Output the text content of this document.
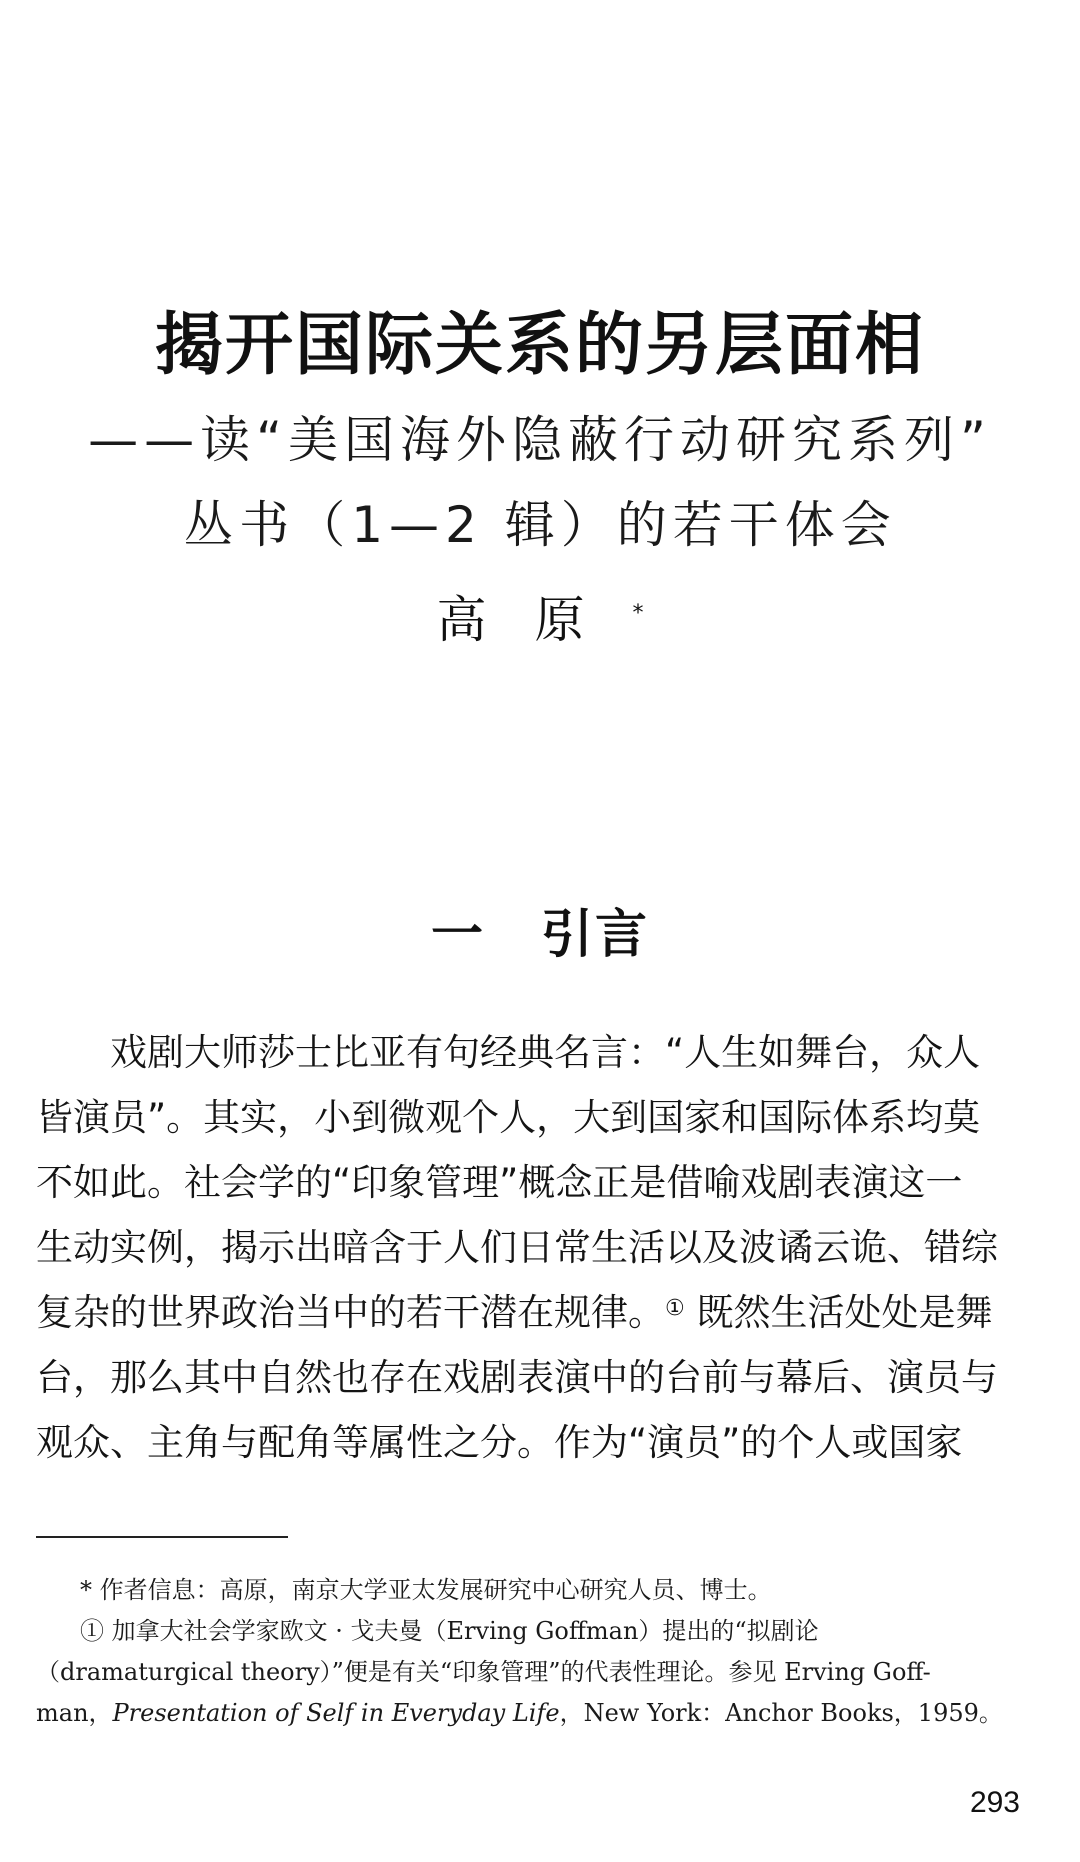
揭开国际关系的另层面相
——读“美国海外隐蔽行动研究系列”
丛书（1—2 辑）的若干体会
高原*
一 引言
戏剧大师莎士比亚有句经典名言：“人生如舞台，众人
皆演员”。其实，小到微观个人，大到国家和国际体系均莫
不如此。社会学的“印象管理”概念正是借喻戏剧表演这一
生动实例，揭示出暗含于人们日常生活以及波谲云诡、错综
复杂的世界政治当中的若干潜在规律。① 既然生活处处是舞
台，那么其中自然也存在戏剧表演中的台前与幕后、演员与
观众、主角与配角等属性之分。作为“演员”的个人或国家
* 作者信息：高原，南京大学亚太发展研究中心研究人员、博士。
① 加拿大社会学家欧文 · 戈夫曼（Erving Goffman）提出的“拟剧论
（dramaturgical theory）”便是有关“印象管理”的代表性理论。参见 Erving Goff-
man，Presentation of Self in Everyday Life，New York：Anchor Books，1959。
293
